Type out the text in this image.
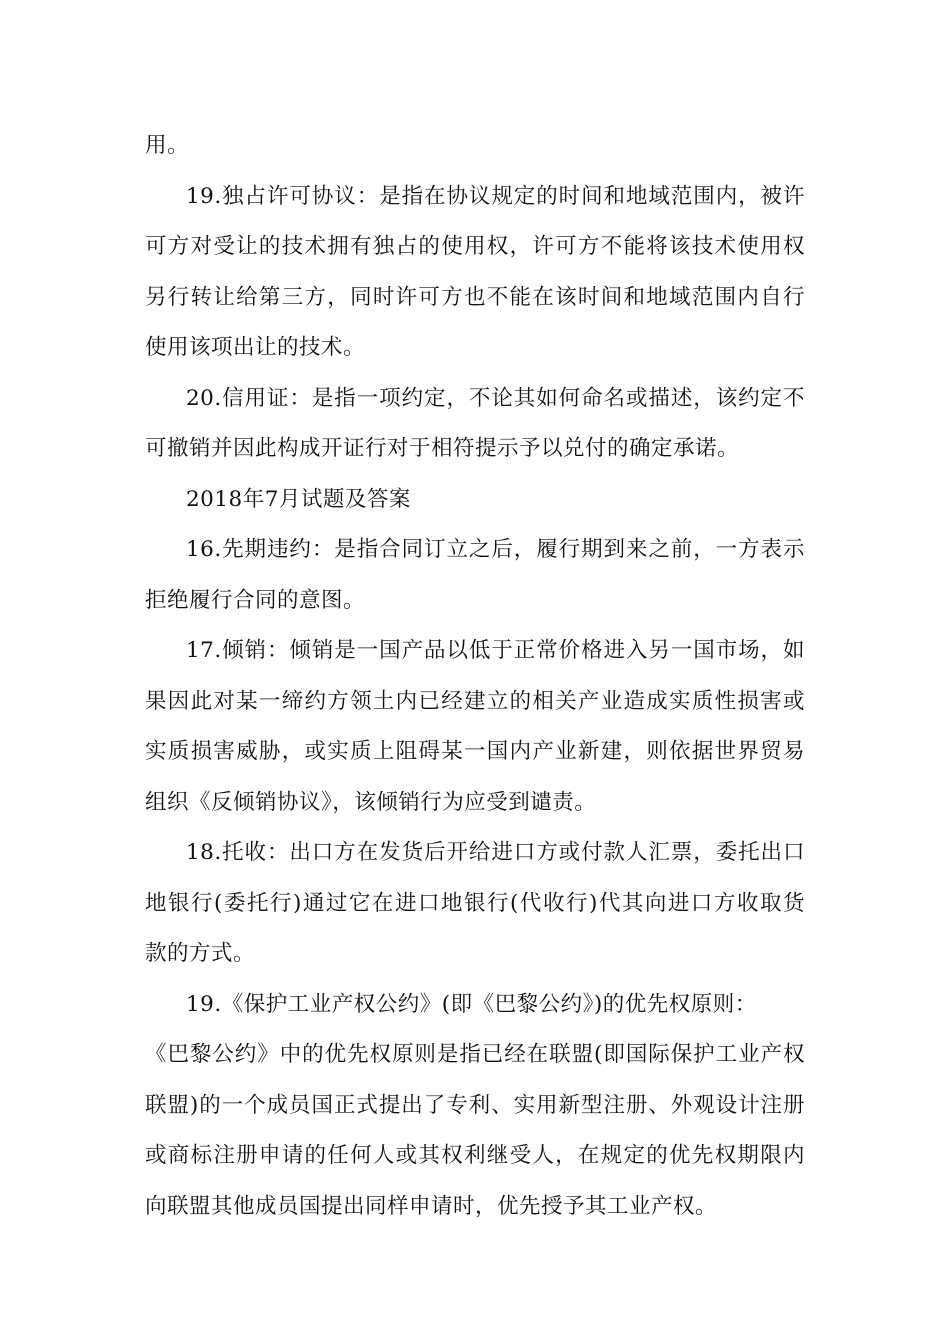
用。
19.独占许可协议：是指在协议规定的时间和地域范围内，被许
可方对受让的技术拥有独占的使用权，许可方不能将该技术使用权
另行转让给第三方，同时许可方也不能在该时间和地域范围内自行
使用该项出让的技术。
20.信用证：是指一项约定，不论其如何命名或描述，该约定不
可撤销并因此构成开证行对于相符提示予以兑付的确定承诺。
2018年7月试题及答案
16.先期违约：是指合同订立之后，履行期到来之前，一方表示
拒绝履行合同的意图。
17.倾销：倾销是一国产品以低于正常价格进入另一国市场，如
果因此对某一缔约方领土内已经建立的相关产业造成实质性损害或
实质损害威胁，或实质上阻碍某一国内产业新建，则依据世界贸易
组织《反倾销协议》，该倾销行为应受到谴责。
18.托收：出口方在发货后开给进口方或付款人汇票，委托出口
地银行(委托行)通过它在进口地银行(代收行)代其向进口方收取货
款的方式。
19.《保护工业产权公约》(即《巴黎公约》)的优先权原则：
《巴黎公约》中的优先权原则是指已经在联盟(即国际保护工业产权
联盟)的一个成员国正式提出了专利、实用新型注册、外观设计注册
或商标注册申请的任何人或其权利继受人，在规定的优先权期限内
向联盟其他成员国提出同样申请时，优先授予其工业产权。
